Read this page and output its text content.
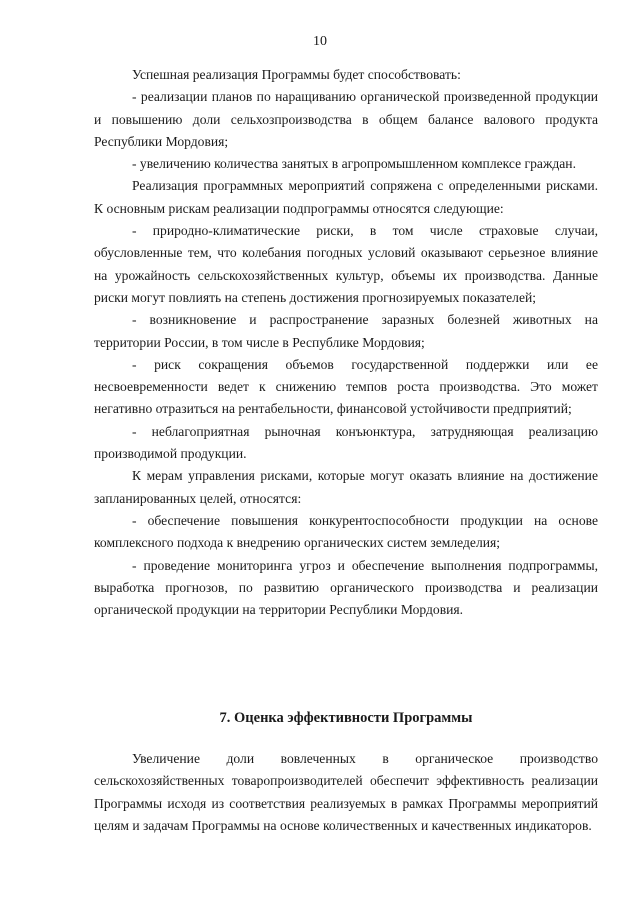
10

Успешная реализация Программы будет способствовать:

- реализации планов по наращиванию органической произведенной продукции и повышению доли сельхозпроизводства в общем балансе валового продукта Республики Мордовия;

- увеличению количества занятых в агропромышленном комплексе граждан.

Реализация программных мероприятий сопряжена с определенными рисками. К основным рискам реализации подпрограммы относятся следующие:

- природно-климатические риски, в том числе страховые случаи, обусловленные тем, что колебания погодных условий оказывают серьезное влияние на урожайность сельскохозяйственных культур, объемы их производства. Данные риски могут повлиять на степень достижения прогнозируемых показателей;

- возникновение и распространение заразных болезней животных на территории России, в том числе в Республике Мордовия;

- риск сокращения объемов государственной поддержки или ее несвоевременности ведет к снижению темпов роста производства. Это может негативно отразиться на рентабельности, финансовой устойчивости предприятий;

- неблагоприятная рыночная конъюнктура, затрудняющая реализацию производимой продукции.

К мерам управления рисками, которые могут оказать влияние на достижение запланированных целей, относятся:

- обеспечение повышения конкурентоспособности продукции на основе комплексного подхода к внедрению органических систем земледелия;

- проведение мониторинга угроз и обеспечение выполнения подпрограммы, выработка прогнозов, по развитию органического производства и реализации органической продукции на территории Республики Мордовия.

7. Оценка эффективности Программы

Увеличение доли вовлеченных в органическое производство сельскохозяйственных товаропроизводителей обеспечит эффективность реализации Программы исходя из соответствия реализуемых в рамках Программы мероприятий целям и задачам Программы на основе количественных и качественных индикаторов.
